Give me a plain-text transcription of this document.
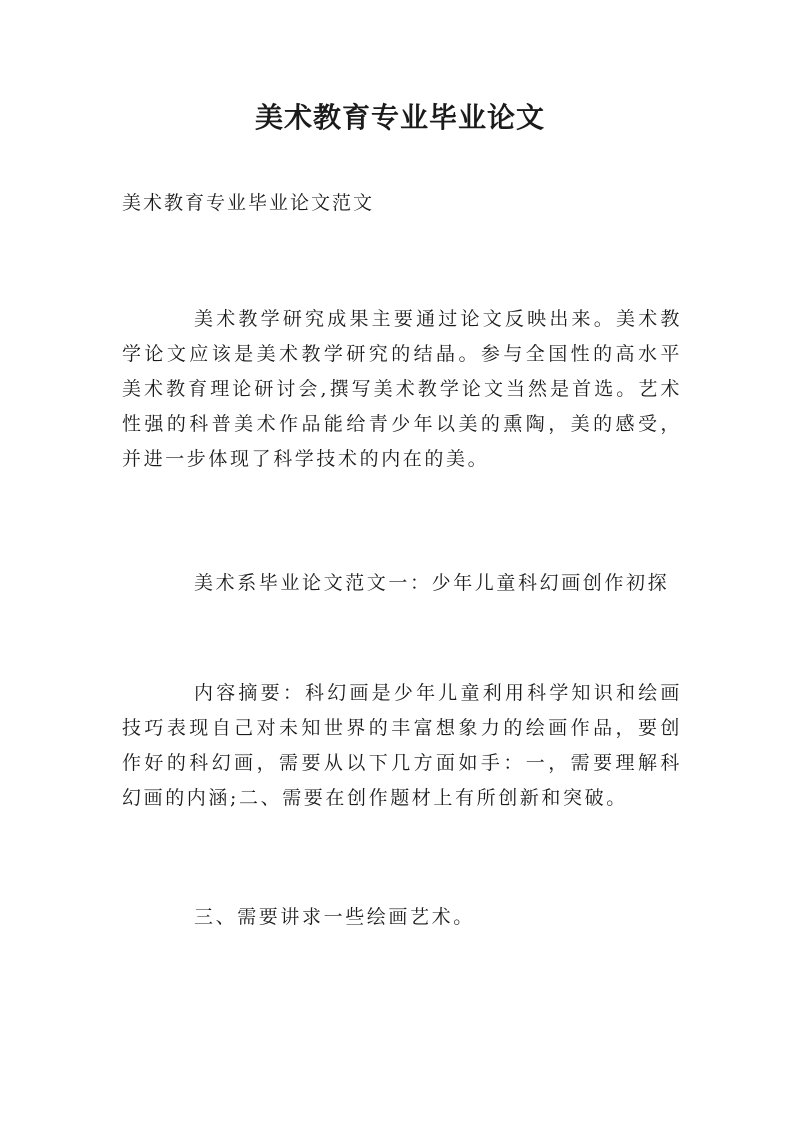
美术教育专业毕业论文
美术教育专业毕业论文范文

美术教学研究成果主要通过论文反映出来。美术教学论文应该是美术教学研究的结晶。参与全国性的高水平美术教育理论研讨会,撰写美术教学论文当然是首选。艺术性强的科普美术作品能给青少年以美的熏陶，美的感受，并进一步体现了科学技术的内在的美。

美术系毕业论文范文一：少年儿童科幻画创作初探

内容摘要：科幻画是少年儿童利用科学知识和绘画技巧表现自己对未知世界的丰富想象力的绘画作品，要创作好的科幻画，需要从以下几方面如手：一，需要理解科幻画的内涵;二、需要在创作题材上有所创新和突破。

三、需要讲求一些绘画艺术。
